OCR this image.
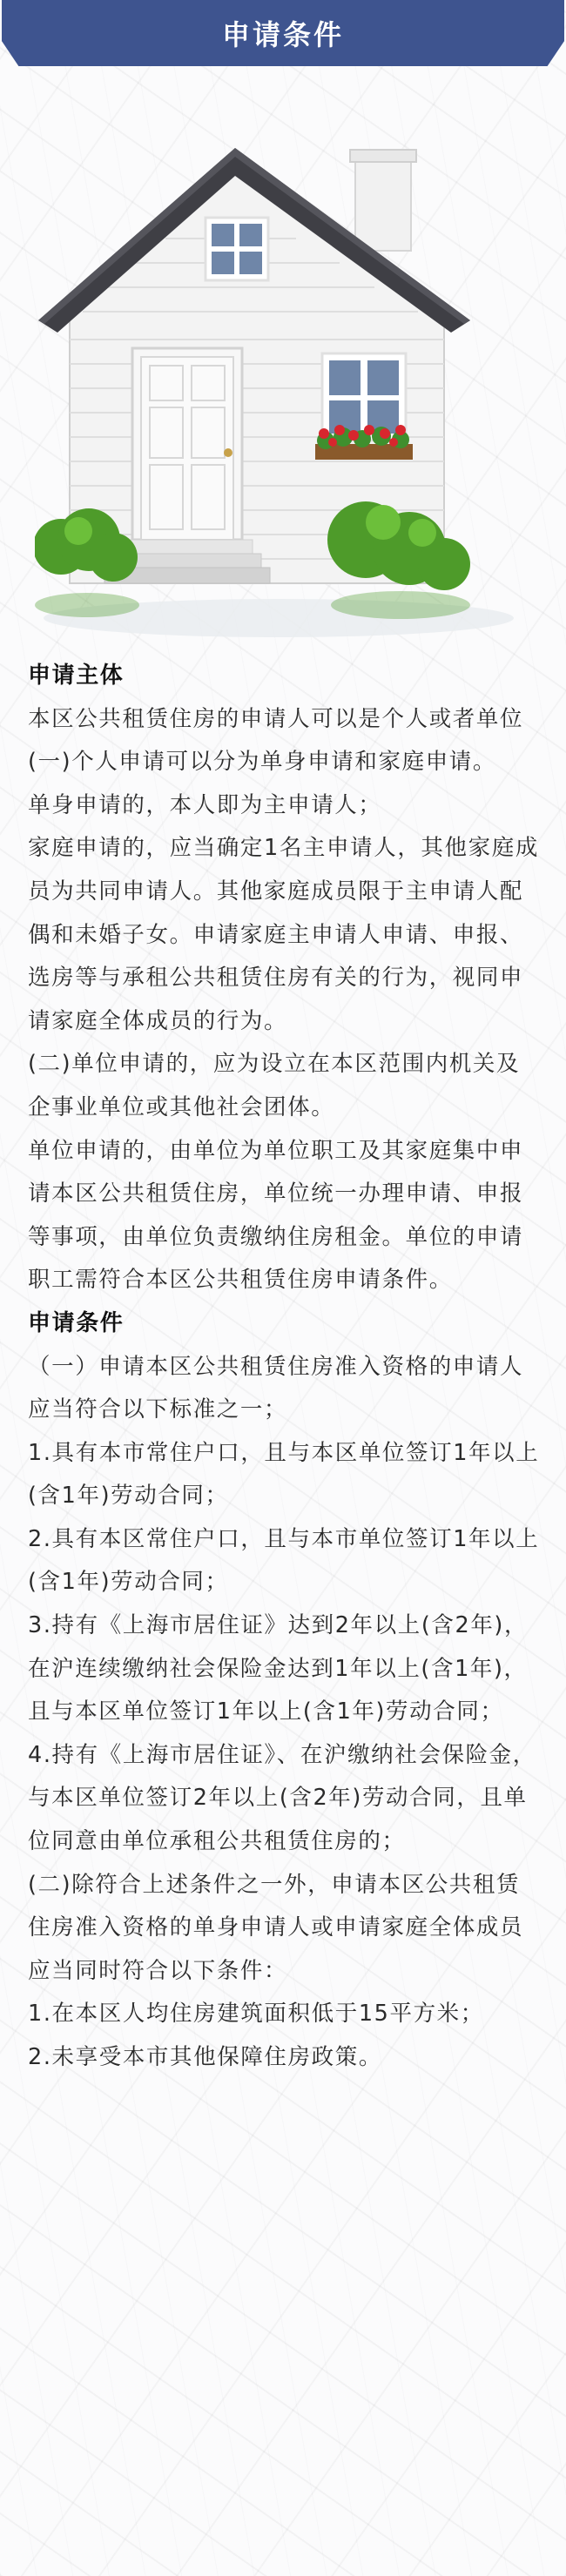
申请条件

申请主体

本区公共租赁住房的申请人可以是个人或者单位

(一)个人申请可以分为单身申请和家庭申请。

单身申请的，本人即为主申请人；

家庭申请的，应当确定1名主申请人，其他家庭成员为共同申请人。其他家庭成员限于主申请人配偶和未婚子女。申请家庭主申请人申请、申报、选房等与承租公共租赁住房有关的行为，视同申请家庭全体成员的行为。

(二)单位申请的，应为设立在本区范围内机关及企事业单位或其他社会团体。

单位申请的，由单位为单位职工及其家庭集中申请本区公共租赁住房，单位统一办理申请、申报等事项，由单位负责缴纳住房租金。单位的申请职工需符合本区公共租赁住房申请条件。

申请条件

（一）申请本区公共租赁住房准入资格的申请人应当符合以下标准之一；

1.具有本市常住户口，且与本区单位签订1年以上(含1年)劳动合同；

2.具有本区常住户口，且与本市单位签订1年以上(含1年)劳动合同；

3.持有《上海市居住证》达到2年以上(含2年)，在沪连续缴纳社会保险金达到1年以上(含1年)，且与本区单位签订1年以上(含1年)劳动合同；

4.持有《上海市居住证》、在沪缴纳社会保险金，与本区单位签订2年以上(含2年)劳动合同，且单位同意由单位承租公共租赁住房的；

(二)除符合上述条件之一外，申请本区公共租赁住房准入资格的单身申请人或申请家庭全体成员应当同时符合以下条件：

1.在本区人均住房建筑面积低于15平方米；

2.未享受本市其他保障住房政策。
